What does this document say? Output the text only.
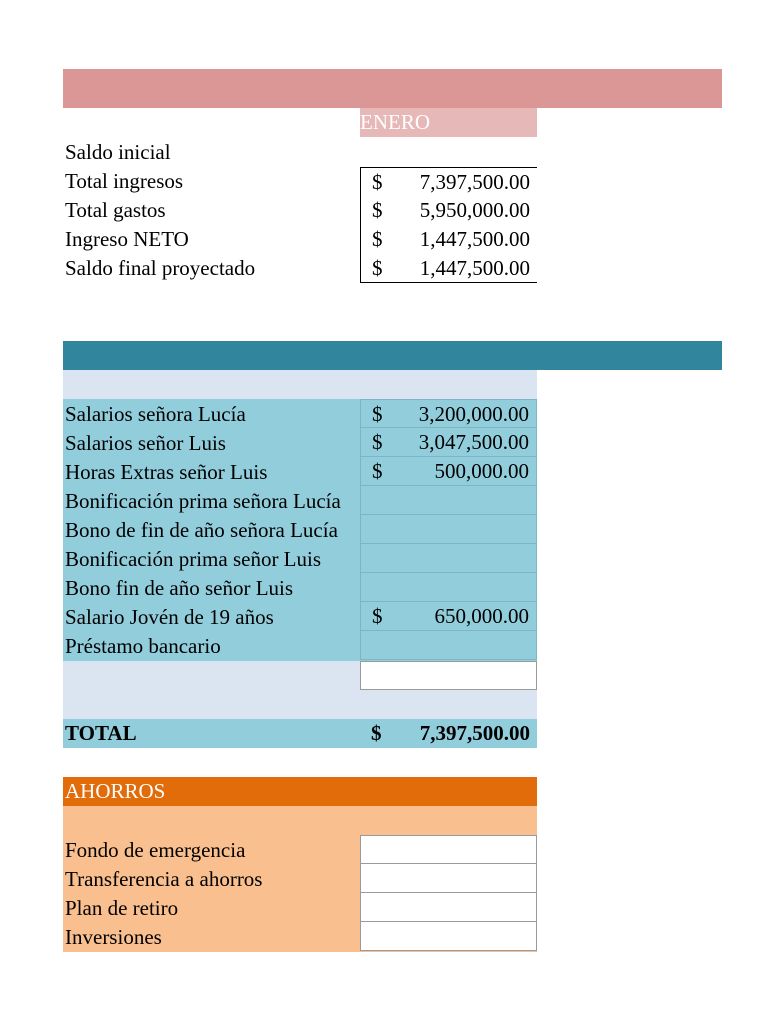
ENERO
Saldo inicial
Total ingresos	$ 7,397,500.00
Total gastos	$ 5,950,000.00
Ingreso NETO	$ 1,447,500.00
Saldo final proyectado	$ 1,447,500.00
Salarios señora Lucía	$ 3,200,000.00
Salarios señor Luis	$ 3,047,500.00
Horas Extras señor Luis	$ 500,000.00
Bonificación prima señora Lucía
Bono de fin de año señora Lucía
Bonificación prima señor Luis
Bono fin de año señor Luis
Salario Jovén de 19 años	$ 650,000.00
Préstamo bancario
TOTAL	$ 7,397,500.00
AHORROS
Fondo de emergencia
Transferencia a ahorros
Plan de retiro
Inversiones
